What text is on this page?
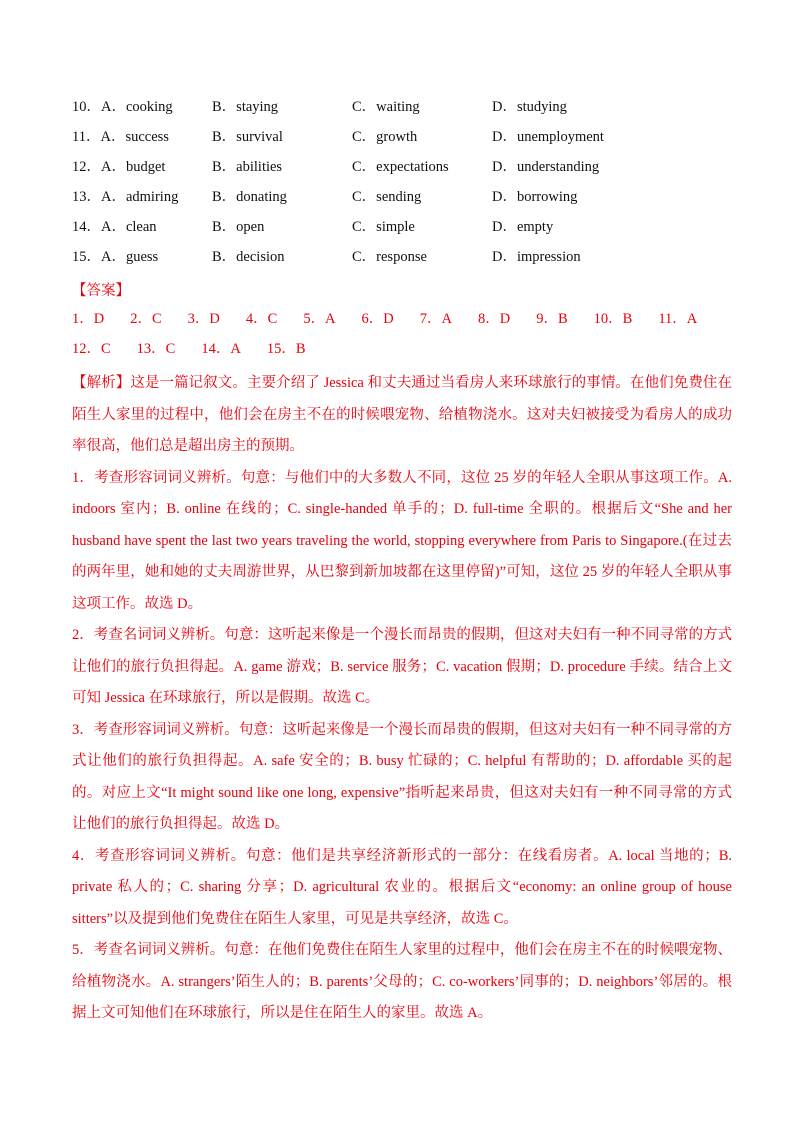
10．A．cooking	B．staying	C．waiting	D．studying
11．A．success	B．survival	C．growth	D．unemployment
12．A．budget	B．abilities	C．expectations	D．understanding
13．A．admiring B．donating	C．sending	D．borrowing
14．A．clean	B．open	C．simple	D．empty
15．A．guess	B．decision	C．response	D．impression
【答案】
1．D 2．C 3．D 4．C 5．A 6．D 7．A 8．D 9．B 10．B 11．A
12．C 13．C 14．A 15．B

【解析】这是一篇记叙文。主要介绍了 Jessica 和丈夫通过当看房人来环球旅行的事情。在他们免费住在陌生人家里的过程中，他们会在房主不在的时候喂宠物、给植物浇水。这对夫妇被接受为看房人的成功率很高，他们总是超出房主的预期。

1．考查形容词词义辨析。句意：与他们中的大多数人不同，这位 25 岁的年轻人全职从事这项工作。A. indoors 室内；B. online 在线的；C. single-handed 单手的；D. full-time 全职的。根据后文“She and her husband have spent the last two years traveling the world, stopping everywhere from Paris to Singapore.(在过去的两年里，她和她的丈夫周游世界，从巴黎到新加坡都在这里停留)”可知，这位 25 岁的年轻人全职从事这项工作。故选 D。

2．考查名词词义辨析。句意：这听起来像是一个漫长而昂贵的假期，但这对夫妇有一种不同寻常的方式让他们的旅行负担得起。A. game 游戏；B. service 服务；C. vacation 假期；D. procedure 手续。结合上文可知 Jessica 在环球旅行，所以是假期。故选 C。

3．考查形容词词义辨析。句意：这听起来像是一个漫长而昂贵的假期，但这对夫妇有一种不同寻常的方式让他们的旅行负担得起。A. safe 安全的；B. busy 忙碌的；C. helpful 有帮助的；D. affordable 买的起的。对应上文“It might sound like one long, expensive”指听起来昂贵，但这对夫妇有一种不同寻常的方式让他们的旅行负担得起。故选 D。

4．考查形容词词义辨析。句意：他们是共享经济新形式的一部分：在线看房者。A. local 当地的；B. private 私人的；C. sharing 分享；D. agricultural 农业的。根据后文“economy: an online group of house sitters”以及提到他们免费住在陌生人家里，可见是共享经济，故选 C。

5．考查名词词义辨析。句意：在他们免费住在陌生人家里的过程中，他们会在房主不在的时候喂宠物、给植物浇水。A. strangers’陌生人的；B. parents’父母的；C. co-workers’同事的；D. neighbors’邻居的。根据上文可知他们在环球旅行，所以是住在陌生人的家里。故选 A。
